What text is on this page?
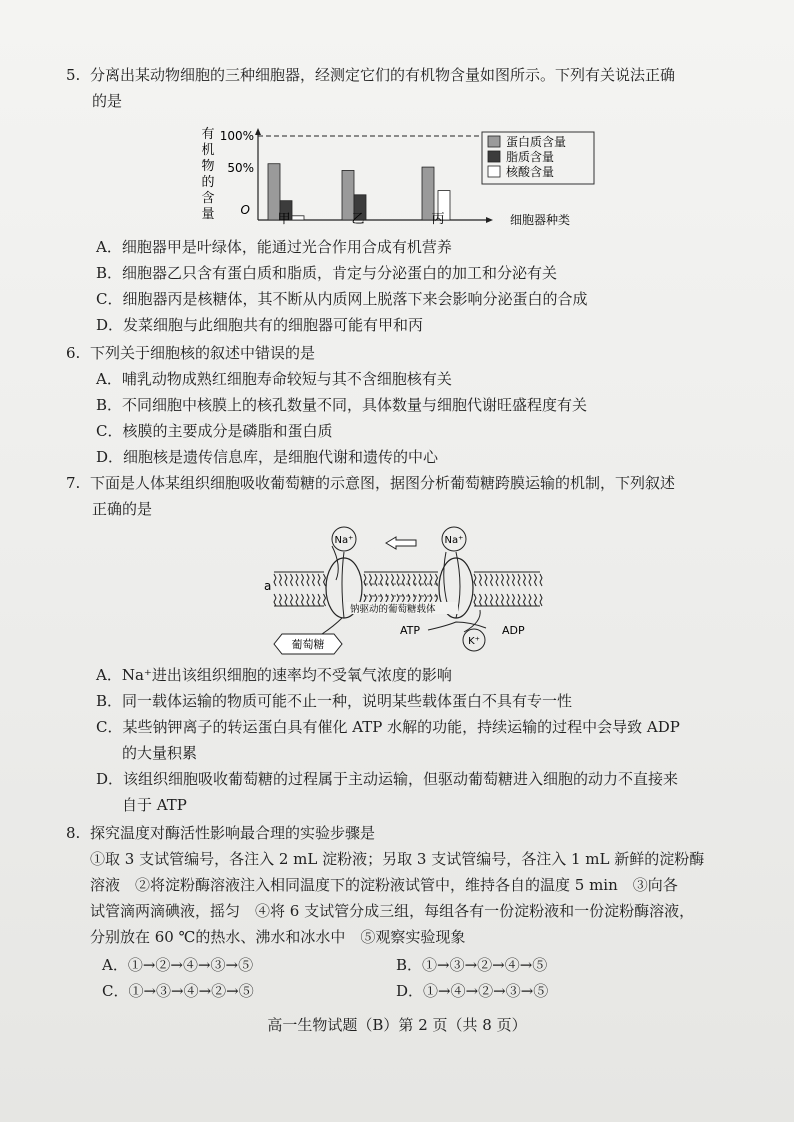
5. 分离出某动物细胞的三种细胞器，经测定它们的有机物含量如图所示。下列有关说法正确
的是
有
机
物
的
含
量
100%
50%
O
甲	乙	丙	细胞器种类
蛋白质含量
脂质含量
核酸含量
A．细胞器甲是叶绿体，能通过光合作用合成有机营养
B．细胞器乙只含有蛋白质和脂质，肯定与分泌蛋白的加工和分泌有关
C．细胞器丙是核糖体，其不断从内质网上脱落下来会影响分泌蛋白的合成
D．发菜细胞与此细胞共有的细胞器可能有甲和丙
6. 下列关于细胞核的叙述中错误的是
A．哺乳动物成熟红细胞寿命较短与其不含细胞核有关
B．不同细胞中核膜上的核孔数量不同，具体数量与细胞代谢旺盛程度有关
C．核膜的主要成分是磷脂和蛋白质
D．细胞核是遗传信息库，是细胞代谢和遗传的中心
7. 下面是人体某组织细胞吸收葡萄糖的示意图，据图分析葡萄糖跨膜运输的机制，下列叙述
正确的是
Na⁺	Na⁺
a
钠驱动的葡萄糖载体
ATP	ADP
K⁺
葡萄糖
A．Na⁺进出该组织细胞的速率均不受氧气浓度的影响
B．同一载体运输的物质可能不止一种，说明某些载体蛋白不具有专一性
C．某些钠钾离子的转运蛋白具有催化 ATP 水解的功能，持续运输的过程中会导致 ADP
的大量积累
D．该组织细胞吸收葡萄糖的过程属于主动运输，但驱动葡萄糖进入细胞的动力不直接来
自于 ATP
8. 探究温度对酶活性影响最合理的实验步骤是
①取 3 支试管编号，各注入 2 mL 淀粉液；另取 3 支试管编号，各注入 1 mL 新鲜的淀粉酶
溶液　②将淀粉酶溶液注入相同温度下的淀粉液试管中，维持各自的温度 5 min　③向各
试管滴两滴碘液，摇匀　④将 6 支试管分成三组，每组各有一份淀粉液和一份淀粉酶溶液，
分别放在 60 ℃的热水、沸水和冰水中　⑤观察实验现象
A．①→②→④→③→⑤	B．①→③→②→④→⑤
C．①→③→④→②→⑤	D．①→④→②→③→⑤
高一生物试题（B）第 2 页（共 8 页）
